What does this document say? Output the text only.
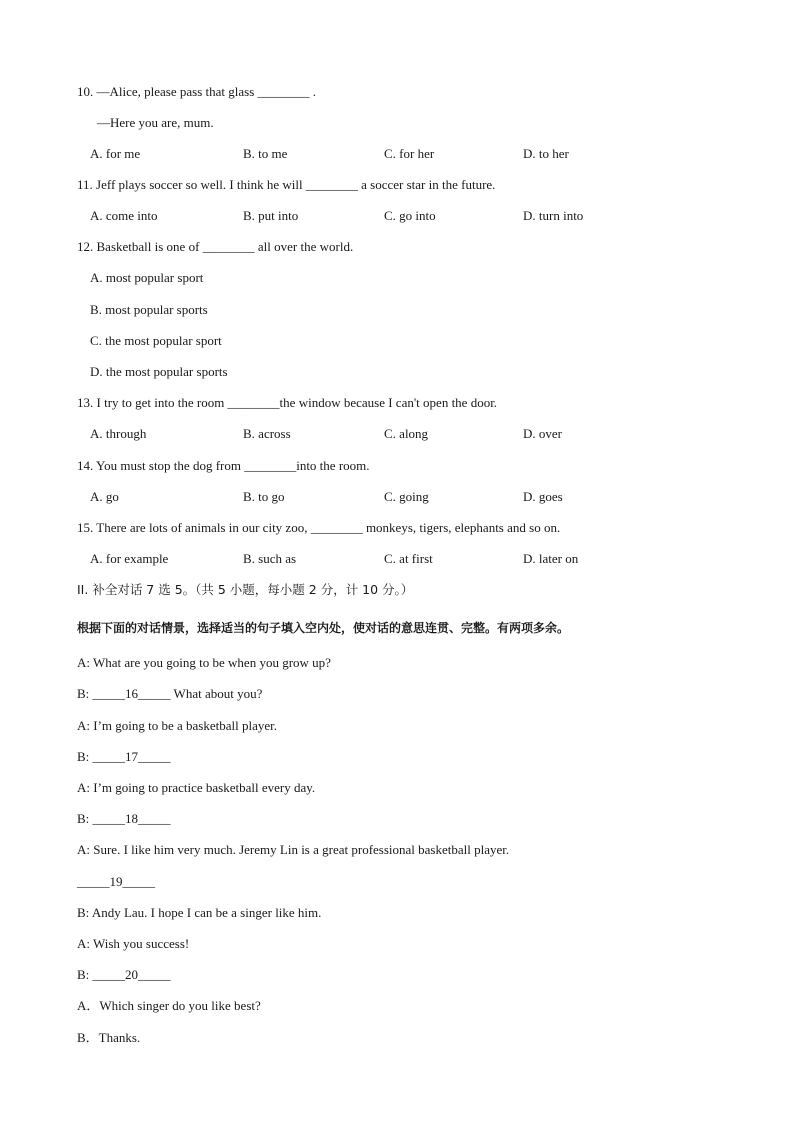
10. —Alice, please pass that glass ________ .
—Here you are, mum.
A. for me	B. to me	C. for her	D. to her
11. Jeff plays soccer so well. I think he will ________ a soccer star in the future.
A. come into	B. put into	C. go into	D. turn into
12. Basketball is one of ________ all over the world.
A. most popular sport
B. most popular sports
C. the most popular sport
D. the most popular sports
13. I try to get into the room ________the window because I can't open the door.
A. through	B. across	C. along	D. over
14. You must stop the dog from ________into the room.
A. go	B. to go	C. going	D. goes
15. There are lots of animals in our city zoo, ________ monkeys, tigers, elephants and so on.
A. for example	B. such as	C. at first	D. later on
II. 补全对话 7 选 5。（共 5 小题，每小题 2 分，计 10 分。）
根据下面的对话情景，选择适当的句子填入空内处，使对话的意思连贯、完整。有两项多余。
A: What are you going to be when you grow up?
B: _____16_____ What about you?
A: I’m going to be a basketball player.
B: _____17_____
A: I’m going to practice basketball every day.
B: _____18_____
A: Sure. I like him very much. Jeremy Lin is a great professional basketball player.
_____19_____
B: Andy Lau. I hope I can be a singer like him.
A: Wish you success!
B: _____20_____
A．Which singer do you like best?
B．Thanks.
